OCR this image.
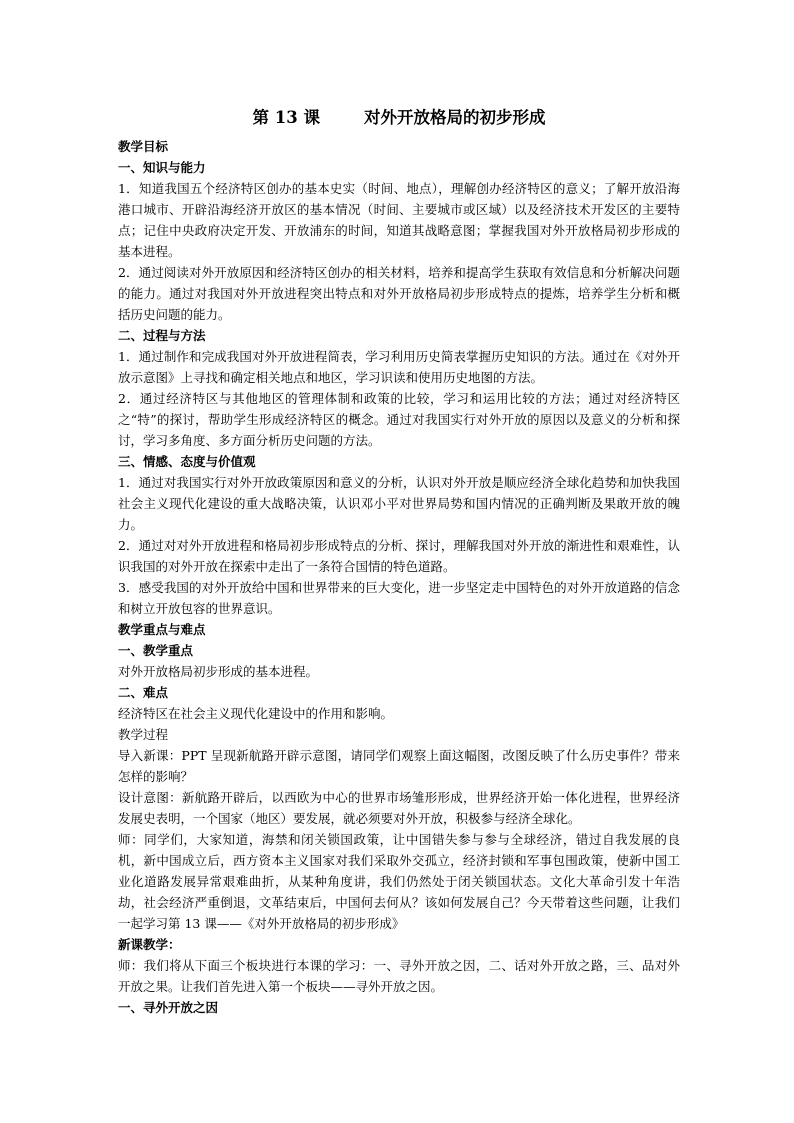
第 13 课	对外开放格局的初步形成
教学目标
一、知识与能力
1．知道我国五个经济特区创办的基本史实（时间、地点），理解创办经济特区的意义；了解开放沿海港口城市、开辟沿海经济开放区的基本情况（时间、主要城市或区域）以及经济技术开发区的主要特点；记住中央政府决定开发、开放浦东的时间，知道其战略意图；掌握我国对外开放格局初步形成的基本进程。
2．通过阅读对外开放原因和经济特区创办的相关材料，培养和提高学生获取有效信息和分析解决问题的能力。通过对我国对外开放进程突出特点和对外开放格局初步形成特点的提炼，培养学生分析和概括历史问题的能力。
二、过程与方法
1．通过制作和完成我国对外开放进程简表，学习利用历史简表掌握历史知识的方法。通过在《对外开放示意图》上寻找和确定相关地点和地区，学习识读和使用历史地图的方法。
2．通过经济特区与其他地区的管理体制和政策的比较，学习和运用比较的方法；通过对经济特区之“特”的探讨，帮助学生形成经济特区的概念。通过对我国实行对外开放的原因以及意义的分析和探讨，学习多角度、多方面分析历史问题的方法。
三、情感、态度与价值观
1．通过对我国实行对外开放政策原因和意义的分析，认识对外开放是顺应经济全球化趋势和加快我国社会主义现代化建设的重大战略决策，认识邓小平对世界局势和国内情况的正确判断及果敢开放的魄力。
2．通过对对外开放进程和格局初步形成特点的分析、探讨，理解我国对外开放的渐进性和艰难性，认识我国的对外开放在探索中走出了一条符合国情的特色道路。
3．感受我国的对外开放给中国和世界带来的巨大变化，进一步坚定走中国特色的对外开放道路的信念和树立开放包容的世界意识。
教学重点与难点
一、教学重点
对外开放格局初步形成的基本进程。
二、难点
经济特区在社会主义现代化建设中的作用和影响。
教学过程
导入新课：PPT 呈现新航路开辟示意图，请同学们观察上面这幅图，改图反映了什么历史事件？带来怎样的影响？
设计意图：新航路开辟后，以西欧为中心的世界市场雏形形成，世界经济开始一体化进程，世界经济发展史表明，一个国家（地区）要发展，就必须要对外开放，积极参与经济全球化。
师：同学们，大家知道，海禁和闭关锁国政策，让中国错失参与参与全球经济，错过自我发展的良机，新中国成立后，西方资本主义国家对我们采取外交孤立，经济封锁和军事包围政策，使新中国工业化道路发展异常艰难曲折，从某种角度讲，我们仍然处于闭关锁国状态。文化大革命引发十年浩劫，社会经济严重倒退，文革结束后，中国何去何从？该如何发展自己？今天带着这些问题，让我们一起学习第 13 课——《对外开放格局的初步形成》
新课教学：
师：我们将从下面三个板块进行本课的学习：一、寻外开放之因，二、话对外开放之路，三、品对外开放之果。让我们首先进入第一个板块——寻外开放之因。
一、寻外开放之因
